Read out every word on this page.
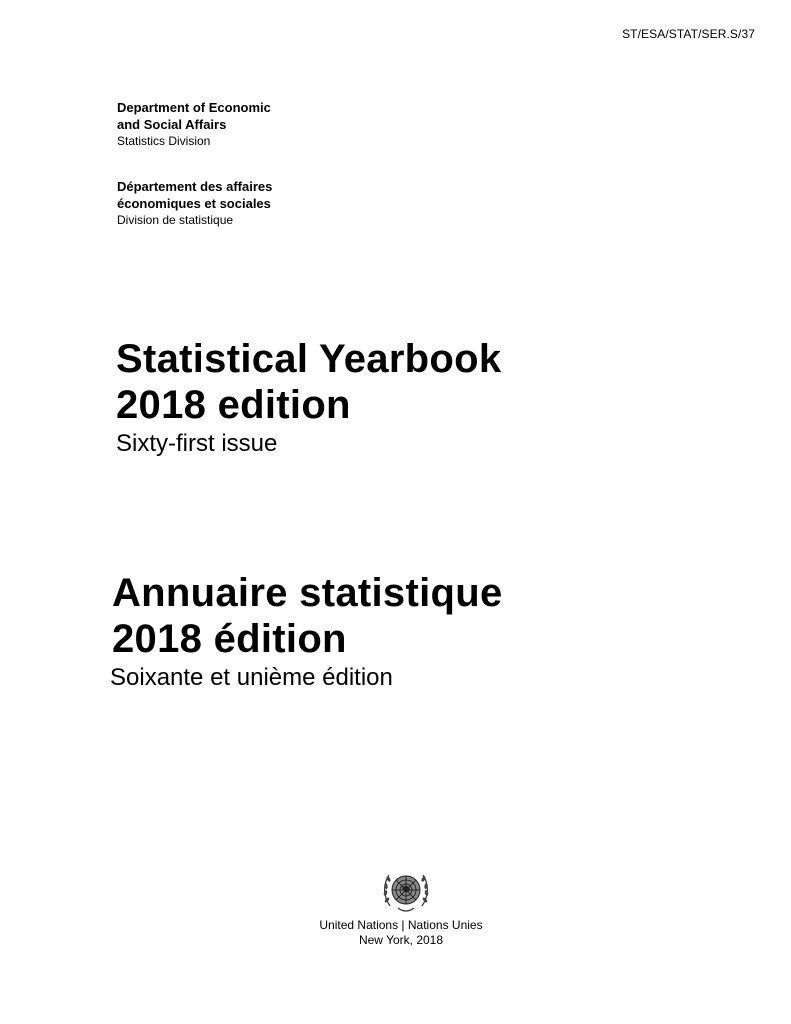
ST/ESA/STAT/SER.S/37
Department of Economic
and Social Affairs
Statistics Division
Département des affaires
économiques et sociales
Division de statistique
Statistical Yearbook
2018 edition
Sixty-first issue
Annuaire statistique
2018 édition
Soixante et unième édition
United Nations | Nations Unies
New York, 2018
